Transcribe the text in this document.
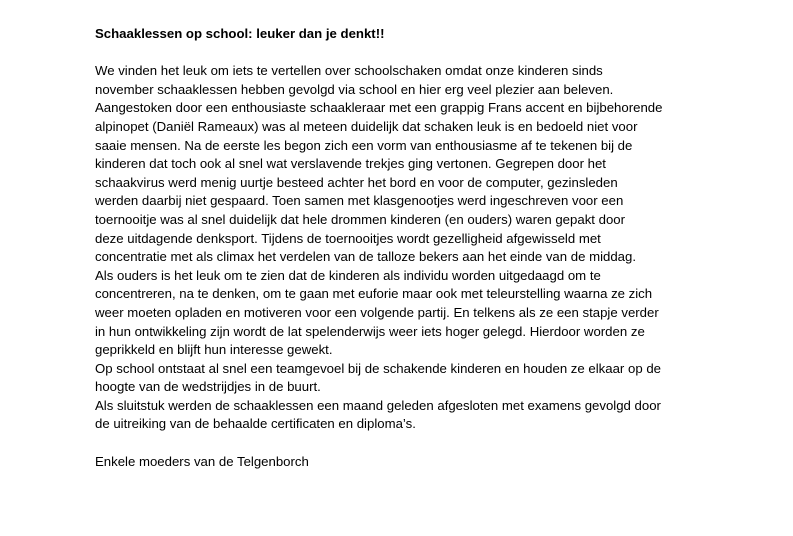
Schaaklessen op school: leuker dan je denkt!!
We vinden het leuk om iets te vertellen over schoolschaken omdat onze kinderen sinds
november schaaklessen hebben gevolgd via school en hier erg veel plezier aan beleven.
Aangestoken door een enthousiaste schaakleraar met een grappig Frans accent en bijbehorende
alpinopet (Daniël Rameaux) was al meteen duidelijk dat schaken leuk is en bedoeld niet voor
saaie mensen. Na de eerste les begon zich een vorm van enthousiasme af te tekenen bij de
kinderen dat toch ook al snel wat verslavende trekjes ging vertonen. Gegrepen door het
schaakvirus werd menig uurtje besteed achter het bord en voor de computer, gezinsleden
werden daarbij niet gespaard. Toen samen met klasgenootjes werd ingeschreven voor een
toernooitje was al snel duidelijk dat hele drommen kinderen (en ouders) waren gepakt door
deze uitdagende denksport. Tijdens de toernooitjes wordt gezelligheid afgewisseld met
concentratie met als climax het verdelen van de talloze bekers aan het einde van de middag.
Als ouders is het leuk om te zien dat de kinderen als individu worden uitgedaagd om te
concentreren, na te denken, om te gaan met euforie maar ook met teleurstelling waarna ze zich
weer moeten opladen en motiveren voor een volgende partij. En telkens als ze een stapje verder
in hun ontwikkeling zijn wordt de lat spelenderwijs weer iets hoger gelegd. Hierdoor worden ze
geprikkeld en blijft hun interesse gewekt.
Op school ontstaat al snel een teamgevoel bij de schakende kinderen en houden ze elkaar op de
hoogte van de wedstrijdjes in de buurt.
Als sluitstuk werden de schaaklessen een maand geleden afgesloten met examens gevolgd door
de uitreiking van de behaalde certificaten en diploma’s.
Enkele moeders van de Telgenborch
